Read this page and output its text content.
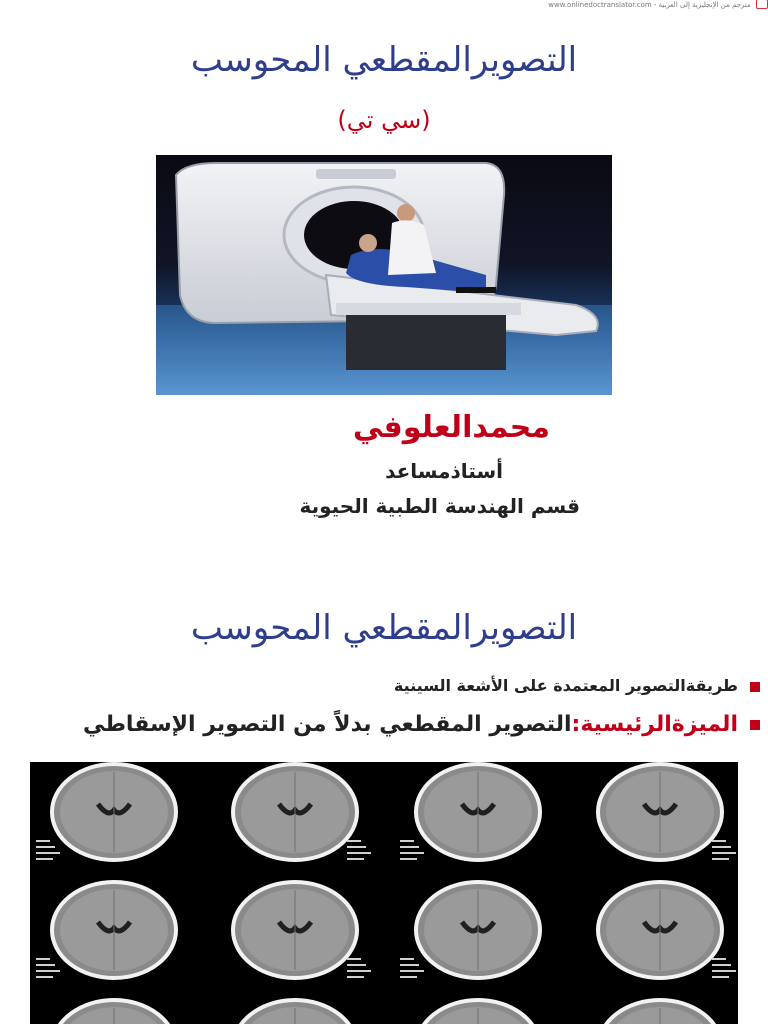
مترجم من الإنجليزية إلى العربية - www.onlinedoctranslator.com
التصويرالمقطعي المحوسب
(سي تي)
محمدالعلوفي
أستاذمساعد
قسم الهندسة الطبية الحيوية
التصويرالمقطعي المحوسب
طريقةالتصوير المعتمدة على الأشعة السينية
الميزةالرئيسية:التصوير المقطعي بدلاً من التصوير الإسقاطي
